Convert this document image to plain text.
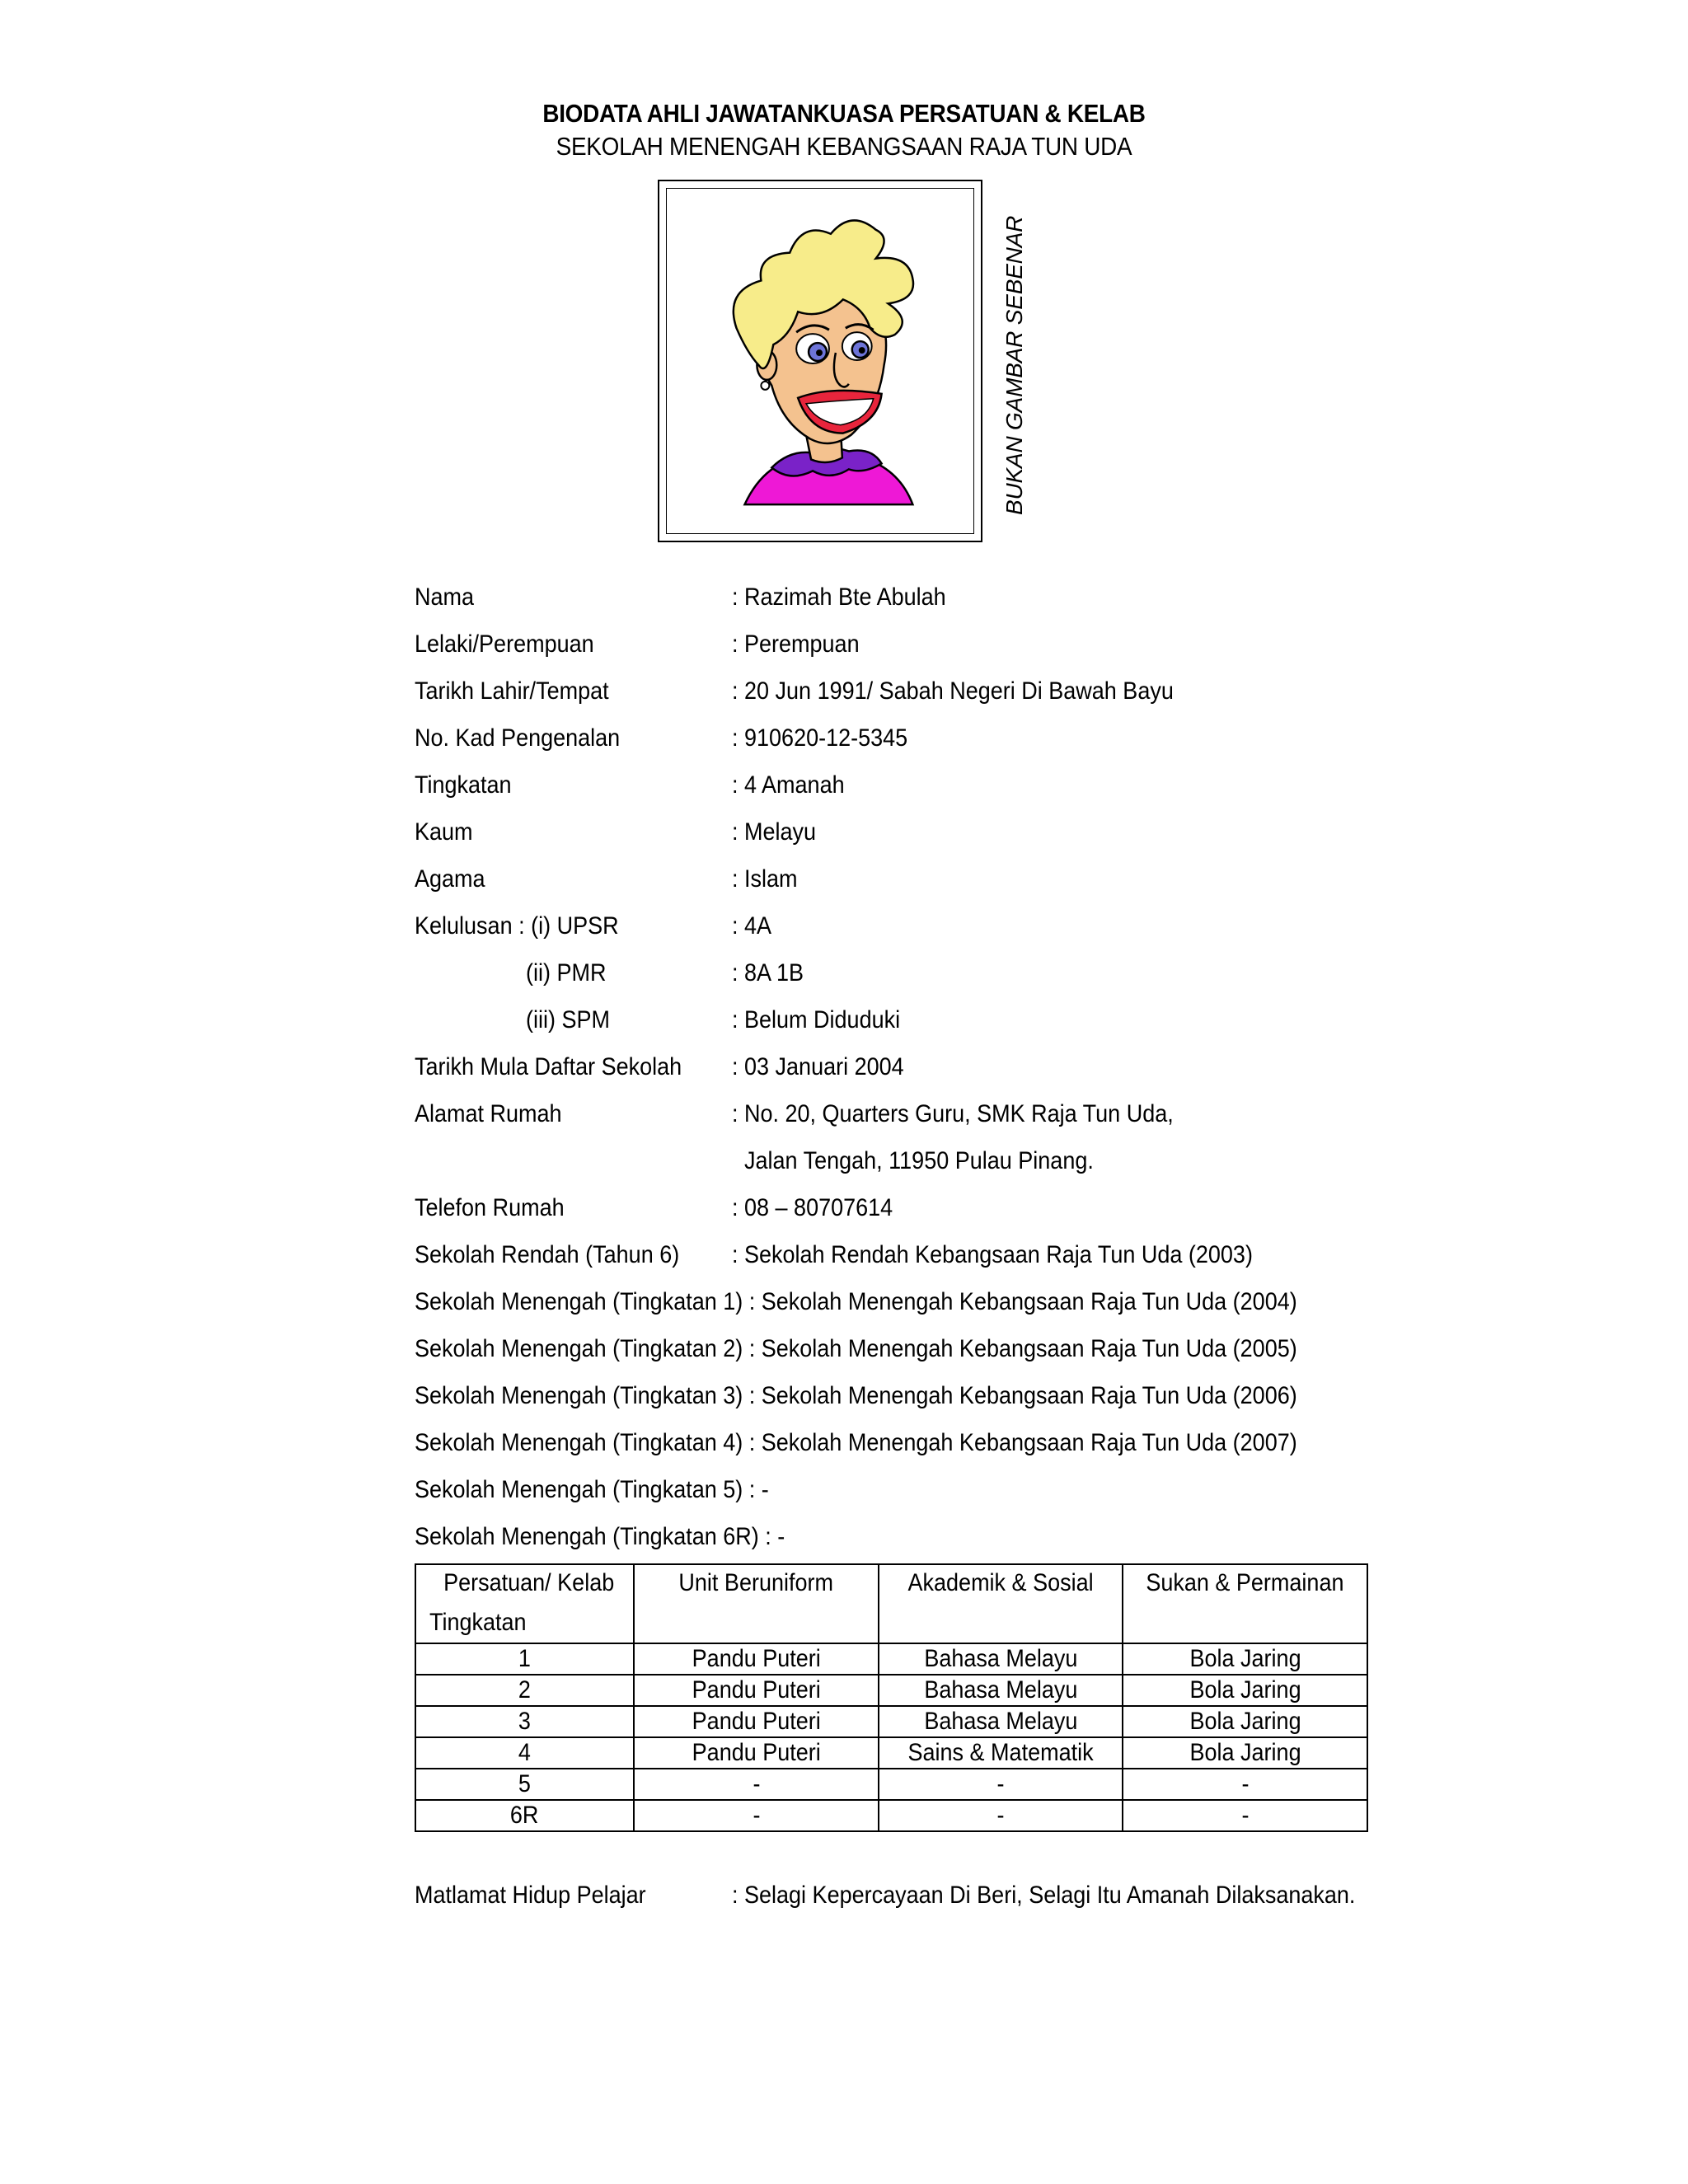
BIODATA AHLI JAWATANKUASA PERSATUAN & KELAB
SEKOLAH MENENGAH KEBANGSAAN RAJA TUN UDA
BUKAN GAMBAR SEBENAR
Nama	: Razimah Bte Abulah
Lelaki/Perempuan	: Perempuan
Tarikh Lahir/Tempat	: 20 Jun 1991/ Sabah Negeri Di Bawah Bayu
No. Kad Pengenalan	: 910620-12-5345
Tingkatan	: 4 Amanah
Kaum	: Melayu
Agama	: Islam
Kelulusan : (i) UPSR	: 4A
(ii) PMR	: 8A 1B
(iii) SPM	: Belum Diduduki
Tarikh Mula Daftar Sekolah : 03 Januari 2004
Alamat Rumah	: No. 20, Quarters Guru, SMK Raja Tun Uda,
Jalan Tengah, 11950 Pulau Pinang.
Telefon Rumah	: 08 – 80707614
Sekolah Rendah (Tahun 6) : Sekolah Rendah Kebangsaan Raja Tun Uda (2003)
Sekolah Menengah (Tingkatan 1) : Sekolah Menengah Kebangsaan Raja Tun Uda (2004)
Sekolah Menengah (Tingkatan 2) : Sekolah Menengah Kebangsaan Raja Tun Uda (2005)
Sekolah Menengah (Tingkatan 3) : Sekolah Menengah Kebangsaan Raja Tun Uda (2006)
Sekolah Menengah (Tingkatan 4) : Sekolah Menengah Kebangsaan Raja Tun Uda (2007)
Sekolah Menengah (Tingkatan 5) : -
Sekolah Menengah (Tingkatan 6R) : -
Persatuan/ Kelab
Tingkatan	Unit Beruniform	Akademik & Sosial	Sukan & Permainan
1	Pandu Puteri	Bahasa Melayu	Bola Jaring
2	Pandu Puteri	Bahasa Melayu	Bola Jaring
3	Pandu Puteri	Bahasa Melayu	Bola Jaring
4	Pandu Puteri	Sains & Matematik	Bola Jaring
5	-	-	-
6R	-	-	-
Matlamat Hidup Pelajar	: Selagi Kepercayaan Di Beri, Selagi Itu Amanah Dilaksanakan.
